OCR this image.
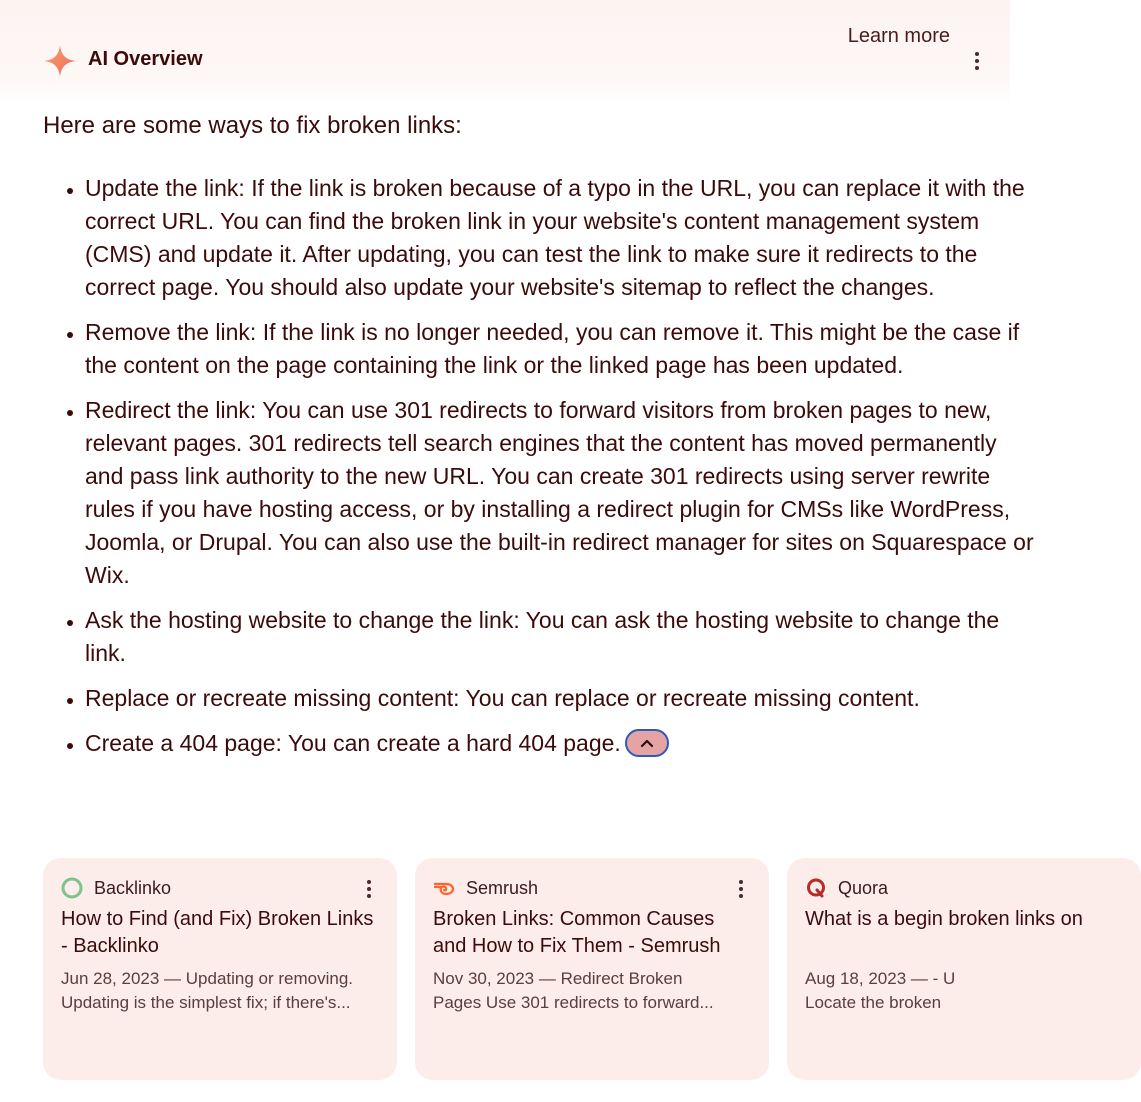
AI Overview
Learn more
Here are some ways to fix broken links:
• Update the link: If the link is broken because of a typo in the URL, you can replace it with the correct URL. You can find the broken link in your website's content management system (CMS) and update it. After updating, you can test the link to make sure it redirects to the correct page. You should also update your website's sitemap to reflect the changes.
• Remove the link: If the link is no longer needed, you can remove it. This might be the case if the content on the page containing the link or the linked page has been updated.
• Redirect the link: You can use 301 redirects to forward visitors from broken pages to new, relevant pages. 301 redirects tell search engines that the content has moved permanently and pass link authority to the new URL. You can create 301 redirects using server rewrite rules if you have hosting access, or by installing a redirect plugin for CMSs like WordPress, Joomla, or Drupal. You can also use the built-in redirect manager for sites on Squarespace or Wix.
• Ask the hosting website to change the link: You can ask the hosting website to change the link.
• Replace or recreate missing content: You can replace or recreate missing content.
• Create a 404 page: You can create a hard 404 page.
Backlinko
How to Find (and Fix) Broken Links - Backlinko
Jun 28, 2023 — Updating or removing.
Updating is the simplest fix; if there's...
Semrush
Broken Links: Common Causes and How to Fix Them - Semrush
Nov 30, 2023 — Redirect Broken
Pages Use 301 redirects to forward...
Quora
What is a begin broken links on
Aug 18, 2023 — - U
Locate the broken
